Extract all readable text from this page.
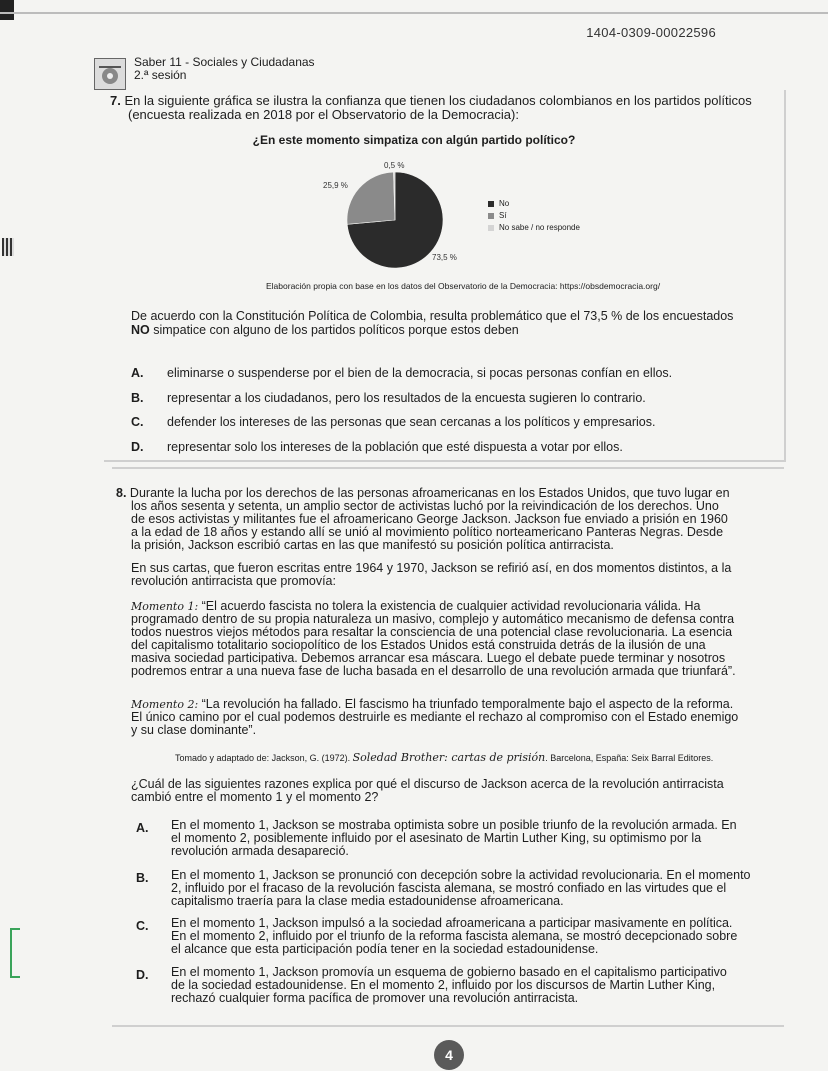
1404-0309-00022596
Saber 11 - Sociales y Ciudadanas
2.ª sesión
7. En la siguiente gráfica se ilustra la confianza que tienen los ciudadanos colombianos en los partidos políticos
(encuesta realizada en 2018 por el Observatorio de la Democracia):
¿En este momento simpatiza con algún partido político?
0,5 %
25,9 %
73,5 %
No
Sí
No sabe / no responde
Elaboración propia con base en los datos del Observatorio de la Democracia: https://obsdemocracia.org/
De acuerdo con la Constitución Política de Colombia, resulta problemático que el 73,5 % de los encuestados
NO simpatice con alguno de los partidos políticos porque estos deben
A.	eliminarse o suspenderse por el bien de la democracia, si pocas personas confían en ellos.
B.	representar a los ciudadanos, pero los resultados de la encuesta sugieren lo contrario.
C.	defender los intereses de las personas que sean cercanas a los políticos y empresarios.
D.	representar solo los intereses de la población que esté dispuesta a votar por ellos.
8. Durante la lucha por los derechos de las personas afroamericanas en los Estados Unidos, que tuvo lugar en
los años sesenta y setenta, un amplio sector de activistas luchó por la reivindicación de los derechos. Uno
de esos activistas y militantes fue el afroamericano George Jackson. Jackson fue enviado a prisión en 1960
a la edad de 18 años y estando allí se unió al movimiento político norteamericano Panteras Negras. Desde
la prisión, Jackson escribió cartas en las que manifestó su posición política antirracista.
En sus cartas, que fueron escritas entre 1964 y 1970, Jackson se refirió así, en dos momentos distintos, a la
revolución antirracista que promovía:
Momento 1: “El acuerdo fascista no tolera la existencia de cualquier actividad revolucionaria válida. Ha
programado dentro de su propia naturaleza un masivo, complejo y automático mecanismo de defensa contra
todos nuestros viejos métodos para resaltar la consciencia de una potencial clase revolucionaria. La esencia
del capitalismo totalitario sociopolítico de los Estados Unidos está construida detrás de la ilusión de una
masiva sociedad participativa. Debemos arrancar esa máscara. Luego el debate puede terminar y nosotros
podremos entrar a una nueva fase de lucha basada en el desarrollo de una revolución armada que triunfará”.
Momento 2: “La revolución ha fallado. El fascismo ha triunfado temporalmente bajo el aspecto de la reforma.
El único camino por el cual podemos destruirle es mediante el rechazo al compromiso con el Estado enemigo
y su clase dominante”.
Tomado y adaptado de: Jackson, G. (1972). Soledad Brother: cartas de prisión. Barcelona, España: Seix Barral Editores.
¿Cuál de las siguientes razones explica por qué el discurso de Jackson acerca de la revolución antirracista
cambió entre el momento 1 y el momento 2?
A. En el momento 1, Jackson se mostraba optimista sobre un posible triunfo de la revolución armada. En
el momento 2, posiblemente influido por el asesinato de Martin Luther King, su optimismo por la
revolución armada desapareció.
B. En el momento 1, Jackson se pronunció con decepción sobre la actividad revolucionaria. En el momento
2, influido por el fracaso de la revolución fascista alemana, se mostró confiado en las virtudes que el
capitalismo traería para la clase media estadounidense afroamericana.
C. En el momento 1, Jackson impulsó a la sociedad afroamericana a participar masivamente en política.
En el momento 2, influido por el triunfo de la reforma fascista alemana, se mostró decepcionado sobre
el alcance que esta participación podía tener en la sociedad estadounidense.
D. En el momento 1, Jackson promovía un esquema de gobierno basado en el capitalismo participativo
de la sociedad estadounidense. En el momento 2, influido por los discursos de Martin Luther King,
rechazó cualquier forma pacífica de promover una revolución antirracista.
4
